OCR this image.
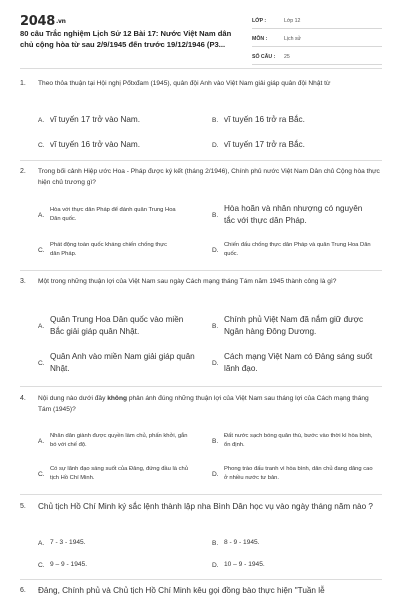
2048.vn
80 câu Trắc nghiệm Lịch Sử 12 Bài 17: Nước Việt Nam dân chủ cộng hòa từ sau 2/9/1945 đến trước 19/12/1946 (P3...
LỚP :	Lớp 12
MÔN :	Lịch sử
SỐ CÂU :	25
1.	Theo thỏa thuận tại Hội nghị Pốtxđam (1945), quân đội Anh vào Việt Nam giải giáp quân đội Nhật từ
A. vĩ tuyến 17 trở vào Nam.	B. vĩ tuyến 16 trở ra Bắc.
C. vĩ tuyến 16 trở vào Nam.	D. vĩ tuyến 17 trở ra Bắc.
2.	Trong bối cảnh Hiệp ước Hoa - Pháp được ký kết (tháng 2/1946), Chính phủ nước Việt Nam Dân chủ Cộng hòa thực hiện chủ trương gì?
A.
Hòa với thực dân Pháp để đánh quân Trung Hoa Dân quốc.
B.
Hòa hoãn và nhân nhượng có nguyên tắc với thực dân Pháp.
C.
Phát động toàn quốc kháng chiến chống thực dân Pháp.
D.
Chiến đấu chống thực dân Pháp và quân Trung Hoa Dân quốc.
3.	Một trong những thuận lợi của Việt Nam sau ngày Cách mạng tháng Tám năm 1945 thành công là gì?
A.
Quân Trung Hoa Dân quốc vào miền Bắc giải giáp quân Nhật.
B.
Chính phủ Việt Nam đã nắm giữ được Ngân hàng Đông Dương.
C.
Quân Anh vào miền Nam giải giáp quân Nhật.
D.
Cách mạng Việt Nam có Đảng sáng suốt lãnh đạo.
4.	Nội dung nào dưới đây không phản ánh đúng những thuận lợi của Việt Nam sau tháng lợi của Cách mạng tháng Tám (1945)?
A.
Nhân dân giành được quyền làm chủ, phấn khởi, gắn bó với chế độ.
B.
Đất nước sạch bóng quân thù, bước vào thời kì hòa bình, ổn định.
C.
Có sự lãnh đạo sáng suốt của Đảng, đứng đầu là chủ tịch Hồ Chí Minh.
D.
Phong trào đấu tranh vì hòa bình, dân chủ đang dâng cao ở nhiều nước tư bản.
5.	Chủ tịch Hồ Chí Minh ký sắc lệnh thành lập nha Bình Dân học vụ vào ngày tháng năm nào ?
A. 7 - 3 - 1945.	B. 8 - 9 - 1945.
C. 9 – 9 - 1945.	D. 10 – 9 - 1945.
6.	Đảng, Chính phủ và Chủ tịch Hồ Chí Minh kêu gọi đồng bào thực hiện "Tuần lễ
